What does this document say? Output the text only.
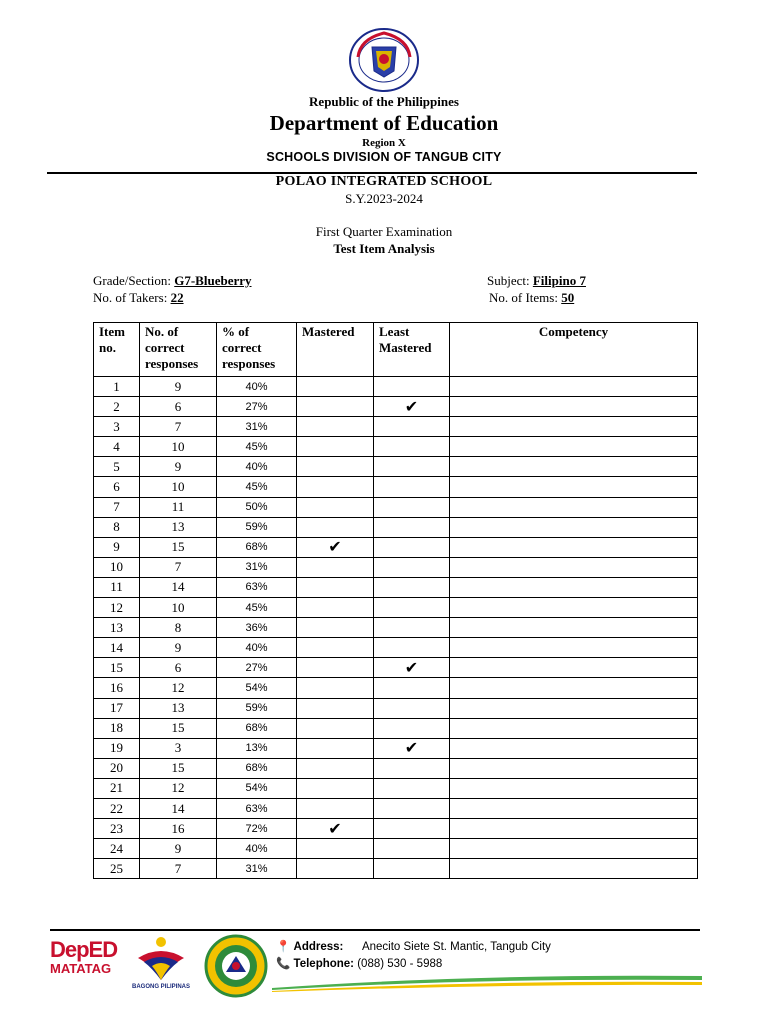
Republic of the Philippines
Department of Education
Region X
SCHOOLS DIVISION OF TANGUB CITY
POLAO INTEGRATED SCHOOL
S.Y.2023-2024
First Quarter Examination
Test Item Analysis
Grade/Section: G7-Blueberry
No. of Takers: 22
Subject: Filipino 7
No. of Items: 50
Item no.	No. of correct responses	% of correct responses	Mastered	Least Mastered	Competency
1	9	40%			
2	6	27%		✔	
3	7	31%			
4	10	45%			
5	9	40%			
6	10	45%			
7	11	50%			
8	13	59%			
9	15	68%	✔		
10	7	31%			
11	14	63%			
12	10	45%			
13	8	36%			
14	9	40%			
15	6	27%		✔	
16	12	54%			
17	13	59%			
18	15	68%			
19	3	13%		✔	
20	15	68%			
21	12	54%			
22	14	63%			
23	16	72%	✔		
24	9	40%			
25	7	31%			
DepED
MATATAG
BAGONG PILIPINAS
📍 Address: Anecito Siete St. Mantic, Tangub City
📞 Telephone: (088) 530 - 5988
